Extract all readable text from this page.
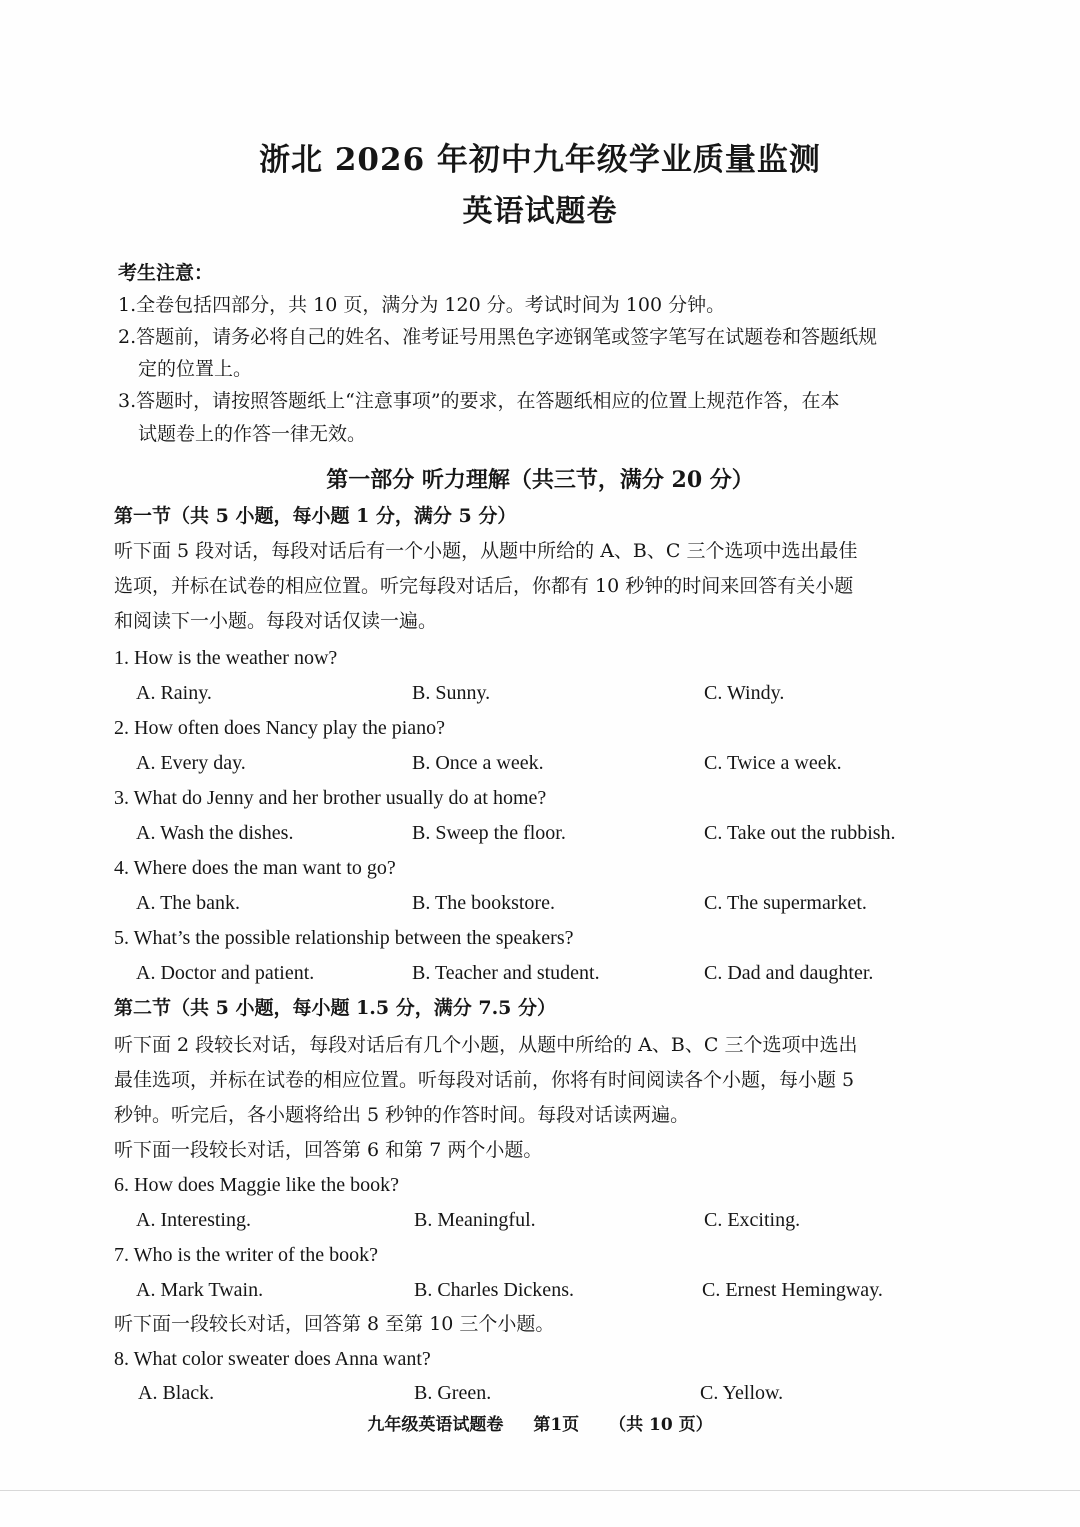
浙北 2026 年初中九年级学业质量监测
英语试题卷
考生注意：
1.全卷包括四部分，共 10 页，满分为 120 分。考试时间为 100 分钟。
2.答题前，请务必将自己的姓名、准考证号用黑色字迹钢笔或签字笔写在试题卷和答题纸规
定的位置上。
3.答题时，请按照答题纸上“注意事项”的要求，在答题纸相应的位置上规范作答，在本
试题卷上的作答一律无效。
第一部分 听力理解（共三节，满分 20 分）
第一节（共 5 小题，每小题 1 分，满分 5 分）
听下面 5 段对话，每段对话后有一个小题，从题中所给的 A、B、C 三个选项中选出最佳
选项，并标在试卷的相应位置。听完每段对话后，你都有 10 秒钟的时间来回答有关小题
和阅读下一小题。每段对话仅读一遍。
1. How is the weather now?
A. Rainy.	B. Sunny.	C. Windy.
2. How often does Nancy play the piano?
A. Every day.	B. Once a week.	C. Twice a week.
3. What do Jenny and her brother usually do at home?
A. Wash the dishes.	B. Sweep the floor.	C. Take out the rubbish.
4. Where does the man want to go?
A. The bank.	B. The bookstore.	C. The supermarket.
5. What’s the possible relationship between the speakers?
A. Doctor and patient.	B. Teacher and student.	C. Dad and daughter.
第二节（共 5 小题，每小题 1.5 分，满分 7.5 分）
听下面 2 段较长对话，每段对话后有几个小题，从题中所给的 A、B、C 三个选项中选出
最佳选项，并标在试卷的相应位置。听每段对话前，你将有时间阅读各个小题，每小题 5
秒钟。听完后，各小题将给出 5 秒钟的作答时间。每段对话读两遍。
听下面一段较长对话，回答第 6 和第 7 两个小题。
6. How does Maggie like the book?
A. Interesting.	B. Meaningful.	C. Exciting.
7. Who is the writer of the book?
A. Mark Twain.	B. Charles Dickens.	C. Ernest Hemingway.
听下面一段较长对话，回答第 8 至第 10 三个小题。
8. What color sweater does Anna want?
A. Black.	B. Green.	C. Yellow.
九年级英语试题卷 第1页 （共 10 页）
